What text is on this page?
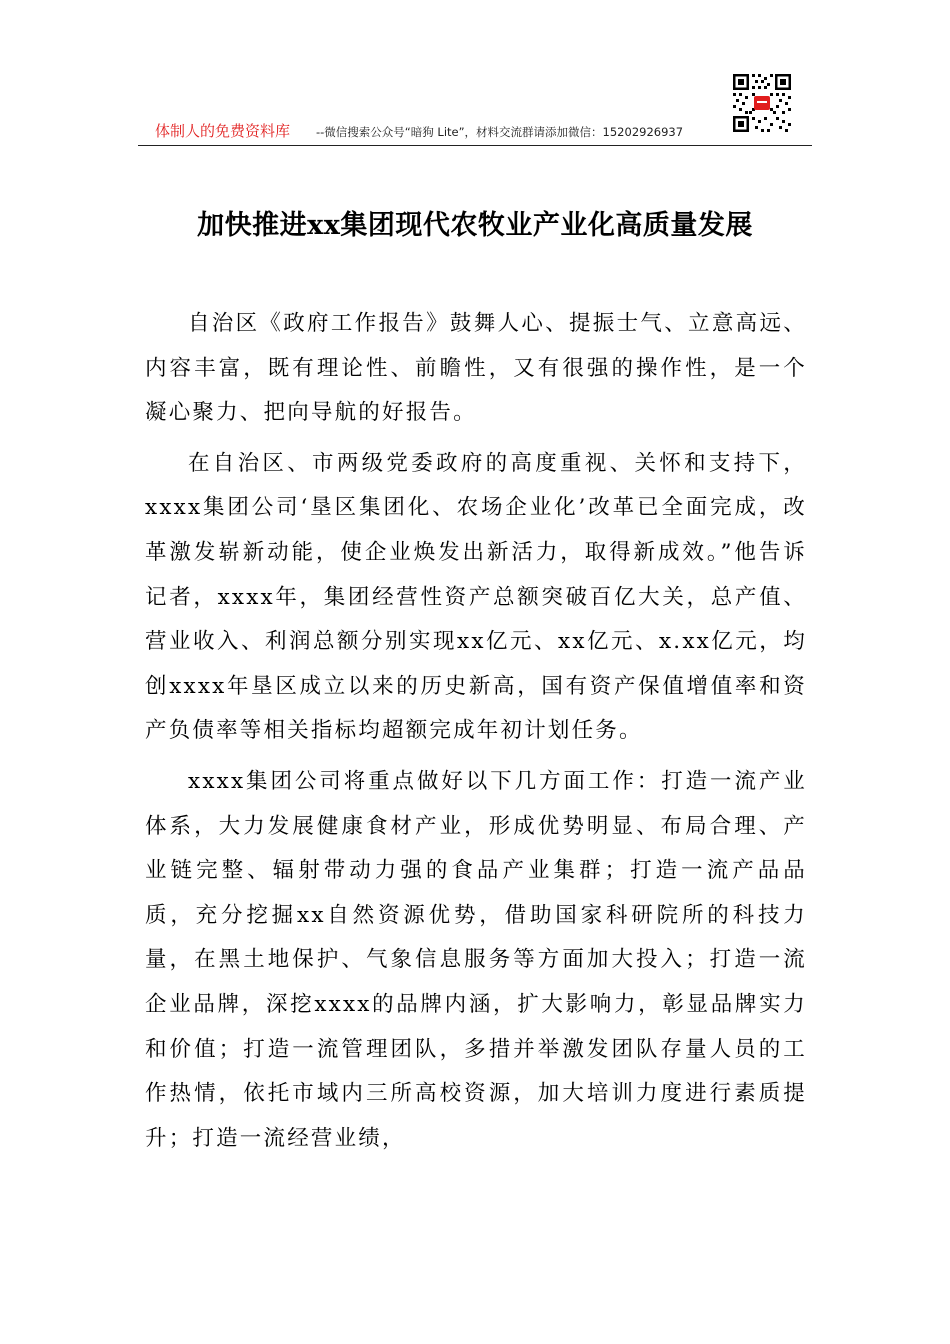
体制人的免费资料库 --微信搜索公众号“暗狗 Lite”，材料交流群请添加微信：15202926937
加快推进xx集团现代农牧业产业化高质量发展

自治区《政府工作报告》鼓舞人心、提振士气、立意高远、内容丰富，既有理论性、前瞻性，又有很强的操作性，是一个凝心聚力、把向导航的好报告。

在自治区、市两级党委政府的高度重视、关怀和支持下，xxxx集团公司‘垦区集团化、农场企业化’改革已全面完成，改革激发崭新动能，使企业焕发出新活力，取得新成效。”他告诉记者，xxxx年，集团经营性资产总额突破百亿大关，总产值、营业收入、利润总额分别实现xx亿元、xx亿元、x.xx亿元，均创xxxx年垦区成立以来的历史新高，国有资产保值增值率和资产负债率等相关指标均超额完成年初计划任务。

xxxx集团公司将重点做好以下几方面工作：打造一流产业体系，大力发展健康食材产业，形成优势明显、布局合理、产业链完整、辐射带动力强的食品产业集群；打造一流产品品质，充分挖掘xx自然资源优势，借助国家科研院所的科技力量，在黑土地保护、气象信息服务等方面加大投入；打造一流企业品牌，深挖xxxx的品牌内涵，扩大影响力，彰显品牌实力和价值；打造一流管理团队，多措并举激发团队存量人员的工作热情，依托市域内三所高校资源，加大培训力度进行素质提升；打造一流经营业绩，
